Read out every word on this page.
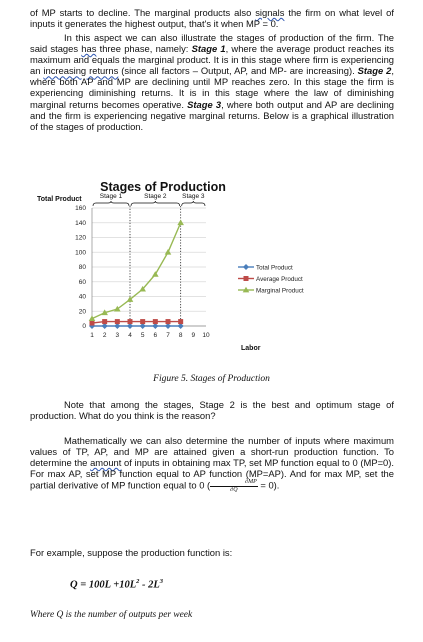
of MP starts to decline. The marginal products also signals the firm on what level of inputs it generates the highest output, that's it when MP = 0.

In this aspect we can also illustrate the stages of production of the firm. The said stages has three phase, namely: Stage 1, where the average product reaches its maximum and equals the marginal product. It is in this stage where firm is experiencing an increasing returns (since all factors – Output, AP, and MP- are increasing). Stage 2, where both AP and MP are declining until MP reaches zero. In this stage the firm is experiencing diminishing returns. It is in this stage where the law of diminishing marginal returns becomes operative. Stage 3, where both output and AP are declining and the firm is experiencing negative marginal returns. Below is a graphical illustration of the stages of production.

Stages of Production
Total Product
Labor
0
20
40
60
80
100
120
140
160
1 2 3 4 5 6 7 8 9 10
Stage 1	Stage 2 Stage 3
Total Product
Average Product
Marginal Product
Figure 5. Stages of Production

Note that among the stages, Stage 2 is the best and optimum stage of production. What do you think is the reason?

Mathematically we can also determine the number of inputs where maximum values of TP, AP, and MP are attained given a short-run production function. To determine the amount of inputs in obtaining max TP, set MP function equal to 0 (MP=0). For max AP, set MP function equal to AP function (MP=AP). And for max MP, set the partial derivative of MP function equal to 0 ( $\frac{\partial MP}{\partial Q} = 0$).

For example, suppose the production function is:

$Q = 100L +10L^2 - 2L^3$
Where Q is the number of outputs per week
